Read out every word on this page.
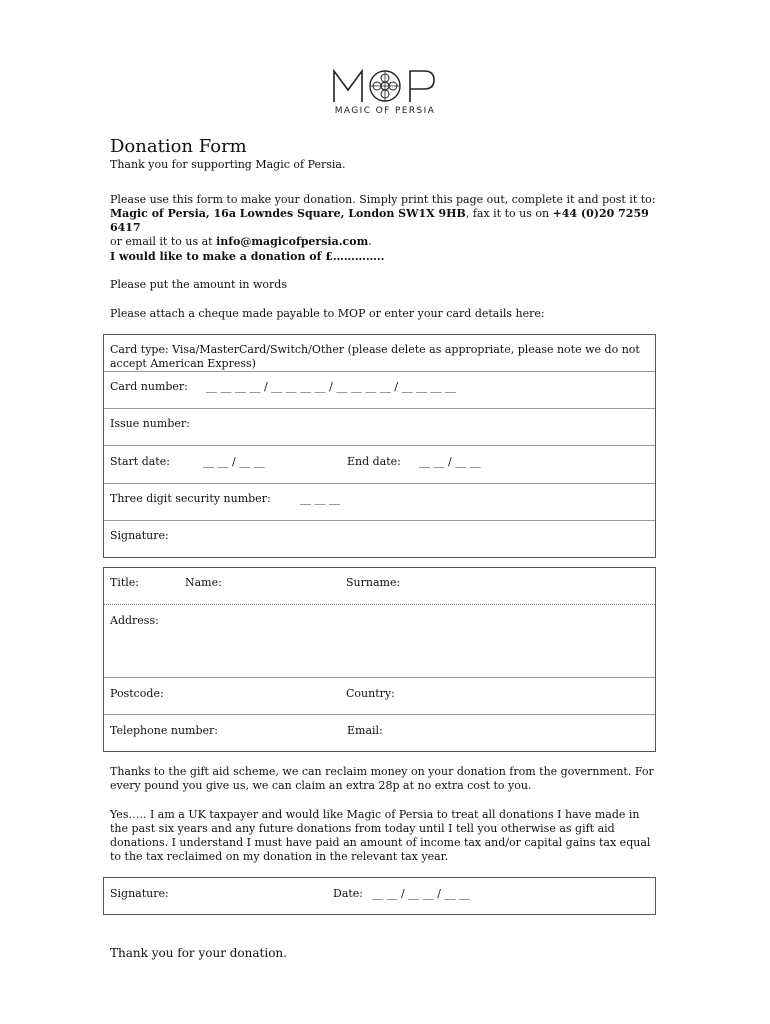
MAGIC OF PERSIA
Donation Form
Thank you for supporting Magic of Persia.
Please use this form to make your donation. Simply print this page out, complete it and post it to:
Magic of Persia, 16a Lowndes Square, London SW1X 9HB, fax it to us on +44 (0)20 7259 6417
or email it to us at info@magicofpersia.com.
I would like to make a donation of £…………..
Please put the amount in words
Please attach a cheque made payable to MOP or enter your card details here:
Card type: Visa/MasterCard/Switch/Other (please delete as appropriate, please note we do not accept American Express)
Card number: __ __ __ __ / __ __ __ __ / __ __ __ __ / __ __ __ __
Issue number:
Start date:	__ __ / __ __	End date: __ __ / __ __
Three digit security number:	__ __ __
Signature:
Title:	Name:	Surname:
Address:
Postcode:	Country:
Telephone number:	Email:
Thanks to the gift aid scheme, we can reclaim money on your donation from the government. For every pound you give us, we can claim an extra 28p at no extra cost to you.
Yes….. I am a UK taxpayer and would like Magic of Persia to treat all donations I have made in the past six years and any future donations from today until I tell you otherwise as gift aid donations. I understand I must have paid an amount of income tax and/or capital gains tax equal to the tax reclaimed on my donation in the relevant tax year.
Signature:	Date: __ __ / __ __ / __ __
Thank you for your donation.
